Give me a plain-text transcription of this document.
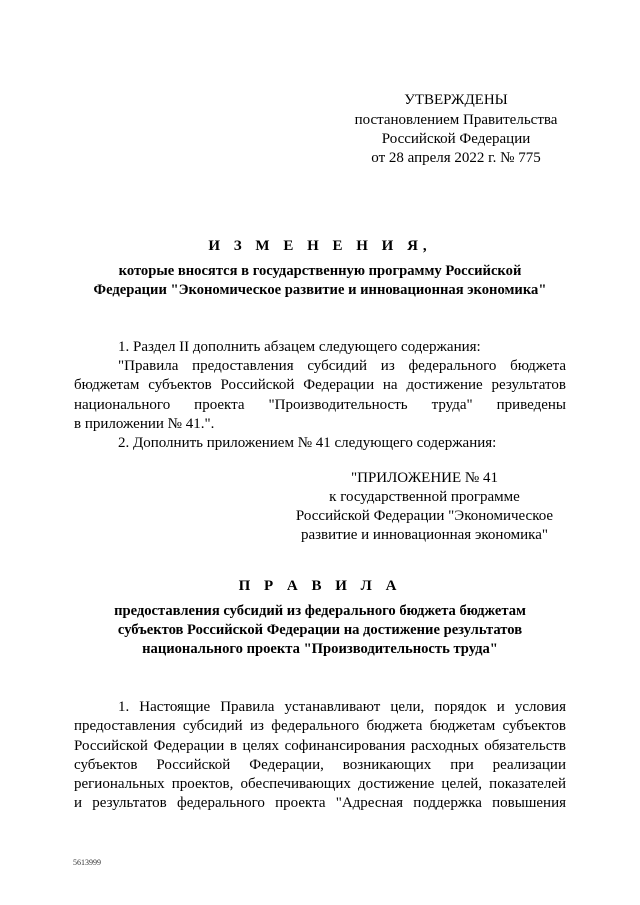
УТВЕРЖДЕНЫ
постановлением Правительства
Российской Федерации
от 28 апреля 2022 г. № 775
И З М Е Н Е Н И Я,
которые вносятся в государственную программу Российской
Федерации "Экономическое развитие и инновационная экономика"
1. Раздел II дополнить абзацем следующего содержания:
"Правила предоставления субсидий из федерального бюджета
бюджетам субъектов Российской Федерации на достижение результатов
национального проекта "Производительность труда" приведены
в приложении № 41.".
2. Дополнить приложением № 41 следующего содержания:
"ПРИЛОЖЕНИЕ № 41
к государственной программе
Российской Федерации "Экономическое
развитие и инновационная экономика"
П Р А В И Л А
предоставления субсидий из федерального бюджета бюджетам
субъектов Российской Федерации на достижение результатов
национального проекта "Производительность труда"
1. Настоящие Правила устанавливают цели, порядок и условия
предоставления субсидий из федерального бюджета бюджетам субъектов
Российской Федерации в целях софинансирования расходных обязательств
субъектов Российской Федерации, возникающих при реализации
региональных проектов, обеспечивающих достижение целей, показателей
и результатов федерального проекта "Адресная поддержка повышения
5613999
